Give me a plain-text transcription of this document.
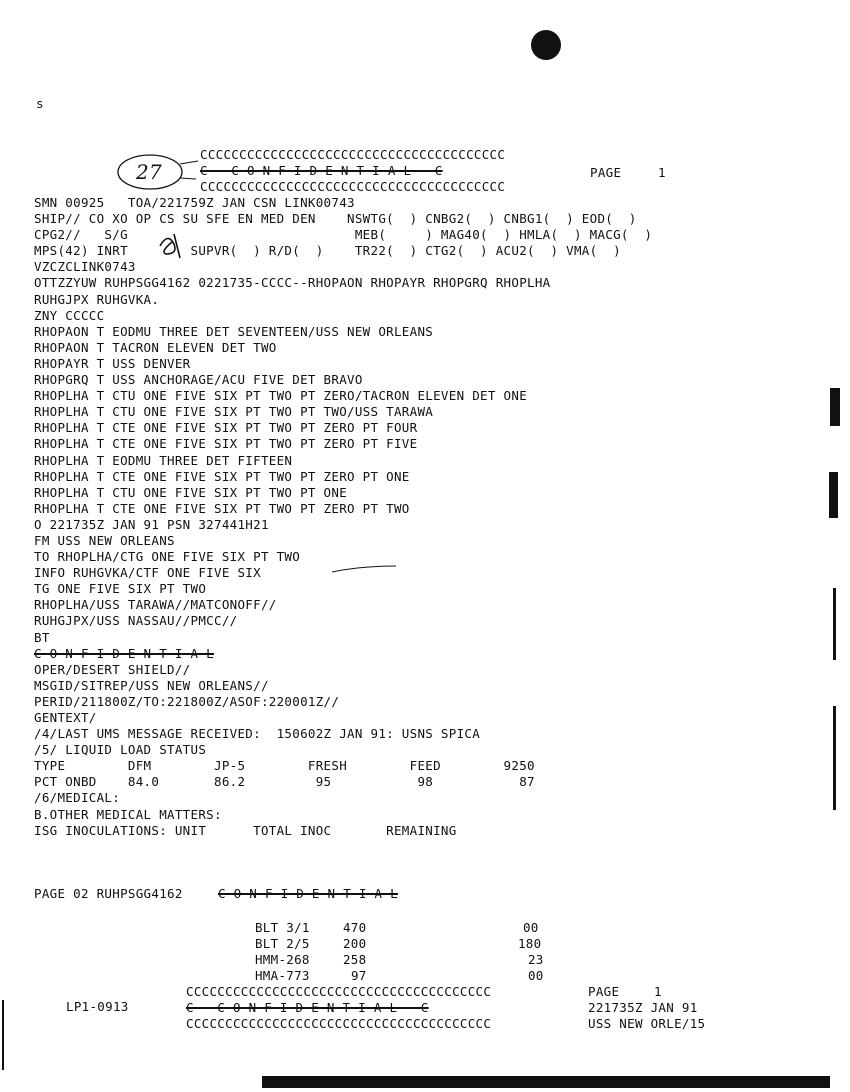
s
CCCCCCCCCCCCCCCCCCCCCCCCCCCCCCCCCCCCCCC
C   C O N F I D E N T I A L   C
27	PAGE	1
CCCCCCCCCCCCCCCCCCCCCCCCCCCCCCCCCCCCCCC
SMN 00925   TOA/221759Z JAN CSN LINK00743
SHIP// CO XO OP CS SU SFE EN MED DEN    NSWTG(  ) CNBG2(  ) CNBG1(  ) EOD(  )
CPG2//   S/G                             MEB(     ) MAG40(  ) HMLA(  ) MACG(  )
MPS(42) INRT        SUPVR(  ) R/D(  )    TR22(  ) CTG2(  ) ACU2(  ) VMA(  )
VZCZCLINK0743
OTTZZYUW RUHPSGG4162 0221735-CCCC--RHOPAON RHOPAYR RHOPGRQ RHOPLHA
RUHGJPX RUHGVKA.
ZNY CCCCC
RHOPAON T EODMU THREE DET SEVENTEEN/USS NEW ORLEANS
RHOPAON T TACRON ELEVEN DET TWO
RHOPAYR T USS DENVER
RHOPGRQ T USS ANCHORAGE/ACU FIVE DET BRAVO
RHOPLHA T CTU ONE FIVE SIX PT TWO PT ZERO/TACRON ELEVEN DET ONE
RHOPLHA T CTU ONE FIVE SIX PT TWO PT TWO/USS TARAWA
RHOPLHA T CTE ONE FIVE SIX PT TWO PT ZERO PT FOUR
RHOPLHA T CTE ONE FIVE SIX PT TWO PT ZERO PT FIVE
RHOPLHA T EODMU THREE DET FIFTEEN
RHOPLHA T CTE ONE FIVE SIX PT TWO PT ZERO PT ONE
RHOPLHA T CTU ONE FIVE SIX PT TWO PT ONE
RHOPLHA T CTE ONE FIVE SIX PT TWO PT ZERO PT TWO
O 221735Z JAN 91 PSN 327441H21
FM USS NEW ORLEANS
TO RHOPLHA/CTG ONE FIVE SIX PT TWO
INFO RUHGVKA/CTF ONE FIVE SIX
TG ONE FIVE SIX PT TWO
RHOPLHA/USS TARAWA//MATCONOFF//
RUHGJPX/USS NASSAU//PMCC//
BT
C O N F I D E N T I A L
OPER/DESERT SHIELD//
MSGID/SITREP/USS NEW ORLEANS//
PERID/211800Z/TO:221800Z/ASOF:220001Z//
GENTEXT/
/4/LAST UMS MESSAGE RECEIVED:  150602Z JAN 91: USNS SPICA
/5/ LIQUID LOAD STATUS
TYPE        DFM        JP-5        FRESH        FEED        9250
PCT ONBD    84.0       86.2         95           98           87
/6/MEDICAL:
B.OTHER MEDICAL MATTERS:
ISG INOCULATIONS: UNIT      TOTAL INOC       REMAINING
PAGE 02 RUHPSGG4162	C O N F I D E N T I A L

BLT 3/1	470	00

BLT 2/5	200	180

HMM-268	258	23

HMA-773	97	00

LP1-0913
CCCCCCCCCCCCCCCCCCCCCCCCCCCCCCCCCCCCCCC
C   C O N F I D E N T I A L   C
CCCCCCCCCCCCCCCCCCCCCCCCCCCCCCCCCCCCCCC
PAGE	1
221735Z JAN 91
USS NEW ORLE/15
